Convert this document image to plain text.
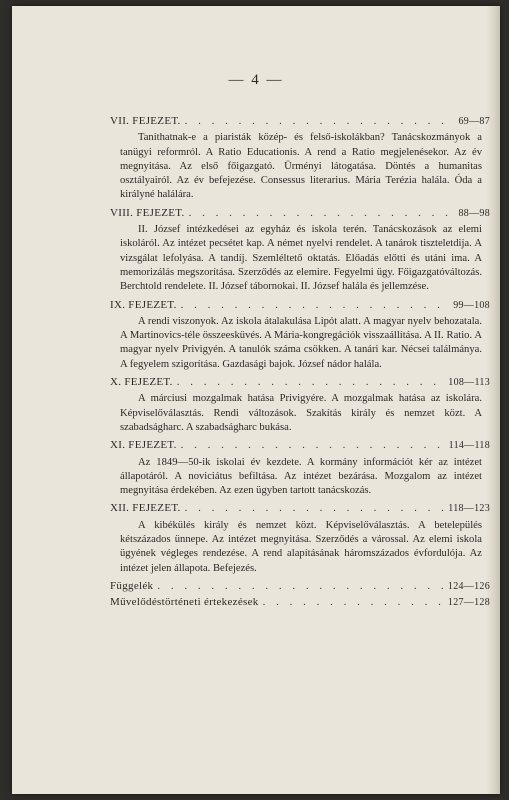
— 4 —
VII. FEJEZET. . . .	69—87
Tanithatnak-e a piaristák közép- és felső-iskolákban? Tanácskozmányok a tanügyi reformról. A Ratio Educationis. A rend a Ratio megjelenésekor. Az év megnyitása. Az első főigazgató. Ürményi látogatása. Döntés a humanitas osztályairól. Az év befejezése. Consessus literarius. Mária Terézia halála. Óda a királyné halálára.
VIII. FEJEZET. . . .	88—98
II. József intézkedései az egyház és iskola terén. Tanácskozások az elemi iskoláról. Az intézet pecsétet kap. A német nyelvi rendelet. A tanárok tiszteletdija. A vizsgálat lefolyása. A tandíj. Szemléltető oktatás. Előadás előtti és utáni ima. A memorizálás megszorítása. Szerződés az elemire. Fegyelmi ügy. Főigazgatóváltozás. Berchtold rendelete. II. József tábornokai. II. József halála és jellemzése.
IX. FEJEZET. . . .	99—108
A rendi viszonyok. Az iskola átalakulása Lipót alatt. A magyar nyelv behozatala. A Martinovics-téle összeesküvés. A Mária-kongregációk visszaállítása. A II. Ratio. A magyar nyelv Privigyén. A tanulók száma csökken. A tanári kar. Nécsei találmánya. A fegyelem szigorítása. Gazdasági bajok. József nádor halála.
X. FEJEZET. . . .	108—113
A márciusi mozgalmak hatása Privigyére. A mozgalmak hatása az iskolára. Képviselőválasztás. Rendi változások. Szakítás király és nemzet közt. A szabadságharc. A szabadságharc bukása.
XI. FEJEZET. . . .	114—118
Az 1849—50-ik iskolai év kezdete. A kormány információt kér az intézet állapotáról. A noviciátus befiltása. Az intézet bezárása. Mozgalom az intézet megnyitása érdekében. Az ezen ügyben tartott tanácskozás.
XII. FEJEZET. . . .	118—123
A kibékülés király és nemzet közt. Képviselőválasztás. A betelepülés kétszázados ünnepe. Az intézet megnyitása. Szerződés a várossal. Az elemi iskola ügyének végleges rendezése. A rend alapításának háromszázados évfordulója. Az intézet jelen állapota. Befejezés.
Függelék . . .	124—126
Művelődéstörténeti értekezések . . .	127—128
